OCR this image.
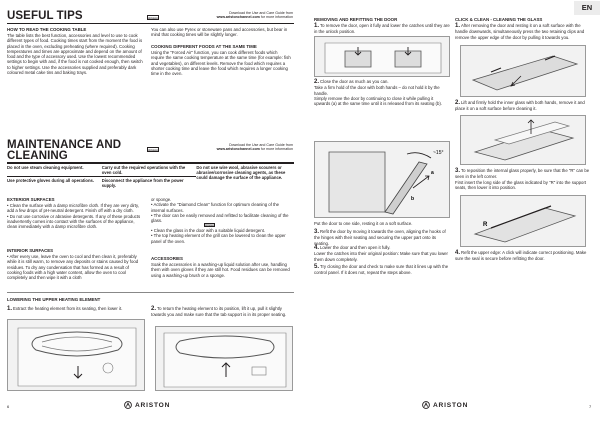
USEFUL TIPS	Ariston
Download the Use and Care Guide from
www.aristonchannel.com for more information
HOW TO READ THE COOKING TABLE
The table lists the best function, accessories and level to use to cook different types of food. Cooking times start from the moment the food is placed in the oven, excluding preheating (where required). Cooking temperatures and times are approximate and depend on the amount of food and the type of accessory used. Use the lowest recommended settings to begin with and, if the food is not cooked enough, then switch to higher settings. Use the accessories supplied and preferably dark coloured metal cake tins and baking trays.
You can also use Pyrex or stoneware pans and accessories, but bear in mind that cooking times will be slightly longer.
COOKING DIFFERENT FOODS AT THE SAME TIME
Using the "Forced Air" function, you can cook different foods which require the same cooking temperature at the same time (for example: fish and vegetables), on different levels. Remove the food which requires a shorter cooking time and leave the food which requires a longer cooking time in the oven.
MAINTENANCE AND
CLEANING	Ariston
Download the Use and Care Guide from
www.aristonchannel.com for more information
Do not use steam cleaning equipment.	Carry out the required operations with the oven cold.	Do not use wire wool, abrasive scourers or abrasive/corrosive cleaning agents, as these could damage the surface of the appliance.
Use protective gloves during all operations.	Disconnect the appliance from the power supply.	
EXTERIOR SURFACES
• Clean the surface with a damp microfibre cloth. If they are very dirty, add a few drops of pH-neutral detergent. Finish off with a dry cloth.
• Do not use corrosive or abrasive detergents. If any of these products inadvertently comes into contact with the surfaces of the appliance, clean immediately with a damp microfibre cloth.
INTERIOR SURFACES
• After every use, leave the oven to cool and then clean it, preferably while it is still warm, to remove any deposits or stains caused by food residues. To dry any condensation that has formed as a result of cooking foods with a high water content, allow the oven to cool completely and then wipe it with a cloth
or sponge.
• Activate the "Diamond Clean" function for optimum cleaning of the internal surfaces.
• The door can be easily removed and refitted to facilitate cleaning of the glass.
Ariston
• Clean the glass in the door with a suitable liquid detergent.
• The top heating element of the grill can be lowered to clean the upper panel of the oven.
ACCESSORIES
Soak the accessories in a washing-up liquid solution after use, handling them with oven gloves if they are still hot. Food residues can be removed using a washing-up brush or a sponge.
LOWERING THE UPPER HEATING ELEMENT
1.Extract the heating element from its seating, then lower it.	2.To return the heating element to its position, lift it up, pull it slightly towards you and make sure that the tab support is in its proper seating.
6	ARISTON
EN
REMOVING AND REFITTING THE DOOR
1.To remove the door, open it fully and lower the catches until they are in the unlock position.
2.Close the door as much as you can.
Take a firm hold of the door with both hands – do not hold it by the handle.
Simply remove the door by continuing to close it while pulling it upwards (a) at the same time until it is released from its seating (b).
~15°
a
b
Put the door to one side, resting it on a soft surface.
3.Refit the door by moving it towards the oven, aligning the hooks of the hinges with their seating and securing the upper part onto its seating.
4.Lower the door and then open it fully.
Lower the catches into their original position: Make sure that you lower them down completely.
5.Try closing the door and check to make sure that it lines up with the control panel. If it does not, repeat the steps above.
CLICK & CLEAN - CLEANING THE GLASS
1.After removing the door and resting it on a soft surface with the handle downwards, simultaneously press the two retaining clips and remove the upper edge of the door by pulling it towards you.
2.Lift and firmly hold the inner glass with both hands, remove it and place it on a soft surface before cleaning it.
3.To reposition the internal glass properly, be sure that the "R" can be seen in the left corner.
First insert the long side of the glass indicated by "R" into the support seats, then lower it into position.
R
4.Refit the upper edge: A click will indicate correct positioning. Make sure the seal is secure before refitting the door.
7
ARISTON
